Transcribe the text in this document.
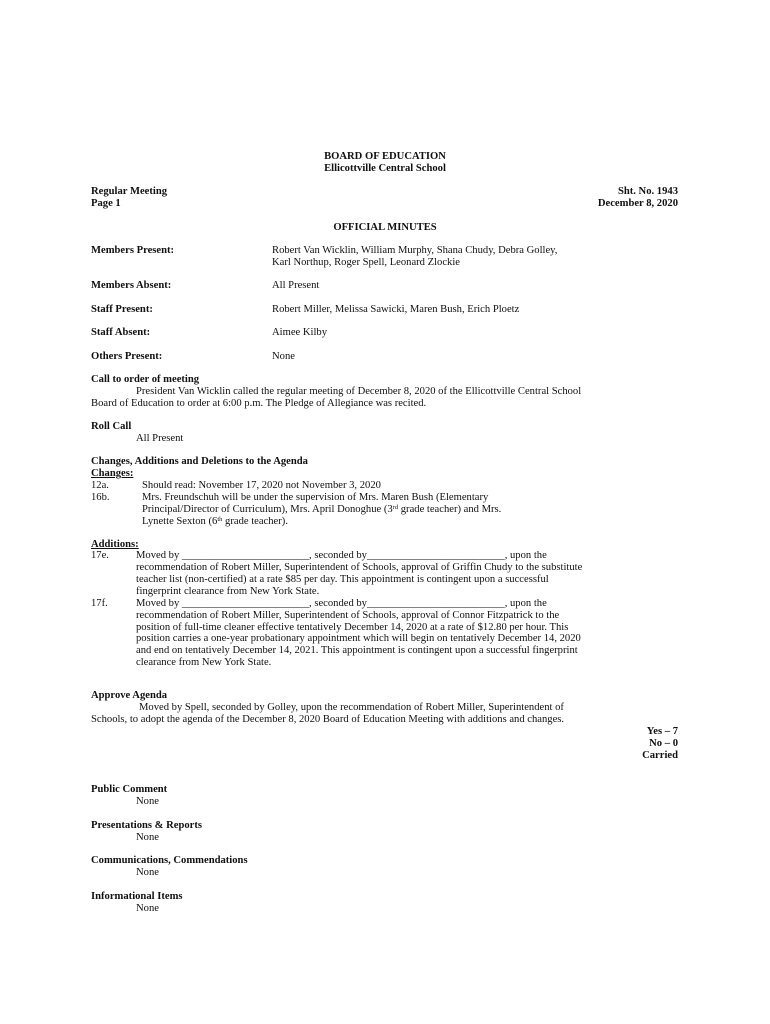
BOARD OF EDUCATION
Ellicottville Central School
Regular Meeting
Page 1
Sht. No. 1943
December 8, 2020
OFFICIAL MINUTES
Members Present:	Robert Van Wicklin, William Murphy, Shana Chudy, Debra Golley,
Karl Northup, Roger Spell, Leonard Zlockie
Members Absent:	All Present
Staff Present:	Robert Miller, Melissa Sawicki, Maren Bush, Erich Ploetz
Staff Absent:	Aimee Kilby
Others Present:	None
Call to order of meeting
President Van Wicklin called the regular meeting of December 8, 2020 of the Ellicottville Central School
Board of Education to order at 6:00 p.m. The Pledge of Allegiance was recited.
Roll Call
All Present
Changes, Additions and Deletions to the Agenda
Changes:
12a.	Should read: November 17, 2020 not November 3, 2020
16b.	Mrs. Freundschuh will be under the supervision of Mrs. Maren Bush (Elementary
Principal/Director of Curriculum), Mrs. April Donoghue (3rd grade teacher) and Mrs.
Lynette Sexton (6th grade teacher).
Additions:
17e.	Moved by ________________________, seconded by__________________________, upon the
recommendation of Robert Miller, Superintendent of Schools, approval of Griffin Chudy to the substitute
teacher list (non-certified) at a rate $85 per day. This appointment is contingent upon a successful
fingerprint clearance from New York State.
17f.	Moved by ________________________, seconded by__________________________, upon the
recommendation of Robert Miller, Superintendent of Schools, approval of Connor Fitzpatrick to the
position of full-time cleaner effective tentatively December 14, 2020 at a rate of $12.80 per hour. This
position carries a one-year probationary appointment which will begin on tentatively December 14, 2020
and end on tentatively December 14, 2021. This appointment is contingent upon a successful fingerprint
clearance from New York State.
Approve Agenda
Moved by Spell, seconded by Golley, upon the recommendation of Robert Miller, Superintendent of
Schools, to adopt the agenda of the December 8, 2020 Board of Education Meeting with additions and changes.
Yes – 7
No – 0
Carried
Public Comment
None
Presentations & Reports
None
Communications, Commendations
None
Informational Items
None
